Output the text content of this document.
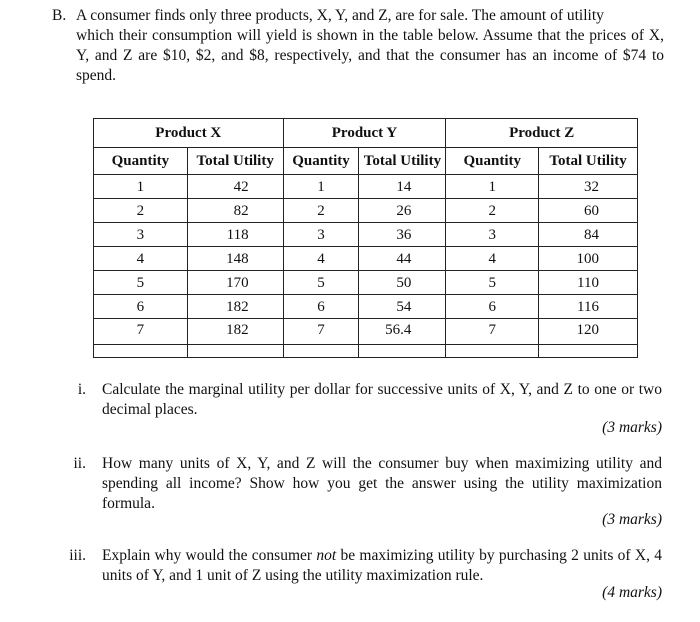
B. A consumer finds only three products, X, Y, and Z, are for sale. The amount of utility
which their consumption will yield is shown in the table below. Assume that the prices of X, Y, and Z are $10, $2, and $8, respectively, and that the consumer has an income of $74 to spend.
Product X		Product Y		Product Z	
Quantity	Total Utility	Quantity	Total Utility	Quantity	Total Utility
1	42	1	14	1	32
2	82	2	26	2	60
3	118	3	36	3	84
4	148	4	44	4	100
5	170	5	50	5	110
6	182	6	54	6	116
7	182	7	56.4	7	120

i. Calculate the marginal utility per dollar for successive units of X, Y, and Z to one or two decimal places.
(3 marks)
ii. How many units of X, Y, and Z will the consumer buy when maximizing utility and spending all income? Show how you get the answer using the utility maximization formula.
(3 marks)
iii. Explain why would the consumer not be maximizing utility by purchasing 2 units of X, 4 units of Y, and 1 unit of Z using the utility maximization rule.
(4 marks)
